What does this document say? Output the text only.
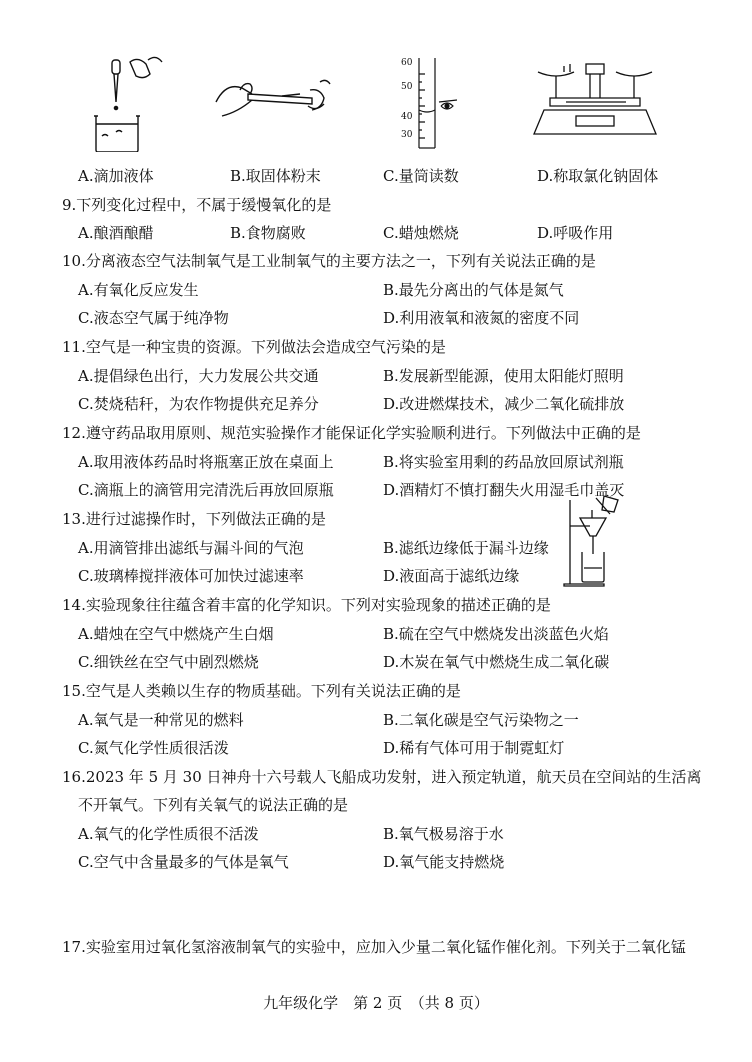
60
50
40
30
A.滴加液体	B.取固体粉末	C.量筒读数	D.称取氯化钠固体
9.下列变化过程中，不属于缓慢氧化的是
A.酿酒酿醋	B.食物腐败	C.蜡烛燃烧	D.呼吸作用
10.分离液态空气法制氧气是工业制氧气的主要方法之一，下列有关说法正确的是
A.有氧化反应发生	B.最先分离出的气体是氮气
C.液态空气属于纯净物	D.利用液氧和液氮的密度不同
11.空气是一种宝贵的资源。下列做法会造成空气污染的是
A.提倡绿色出行，大力发展公共交通	B.发展新型能源，使用太阳能灯照明
C.焚烧秸秆，为农作物提供充足养分	D.改进燃煤技术，减少二氧化硫排放
12.遵守药品取用原则、规范实验操作才能保证化学实验顺利进行。下列做法中正确的是
A.取用液体药品时将瓶塞正放在桌面上	B.将实验室用剩的药品放回原试剂瓶
C.滴瓶上的滴管用完清洗后再放回原瓶	D.酒精灯不慎打翻失火用湿毛巾盖灭
13.进行过滤操作时，下列做法正确的是
A.用滴管排出滤纸与漏斗间的气泡	B.滤纸边缘低于漏斗边缘
C.玻璃棒搅拌液体可加快过滤速率	D.液面高于滤纸边缘
14.实验现象往往蕴含着丰富的化学知识。下列对实验现象的描述正确的是
A.蜡烛在空气中燃烧产生白烟	B.硫在空气中燃烧发出淡蓝色火焰
C.细铁丝在空气中剧烈燃烧	D.木炭在氧气中燃烧生成二氧化碳
15.空气是人类赖以生存的物质基础。下列有关说法正确的是
A.氧气是一种常见的燃料	B.二氧化碳是空气污染物之一
C.氮气化学性质很活泼	D.稀有气体可用于制霓虹灯
16.2023 年 5 月 30 日神舟十六号载人飞船成功发射，进入预定轨道，航天员在空间站的生活离
不开氧气。下列有关氧气的说法正确的是
A.氧气的化学性质很不活泼	B.氧气极易溶于水
C.空气中含量最多的气体是氧气	D.氧气能支持燃烧
17.实验室用过氧化氢溶液制氧气的实验中，应加入少量二氧化锰作催化剂。下列关于二氧化锰
九年级化学　第 2 页　（共 8 页）
